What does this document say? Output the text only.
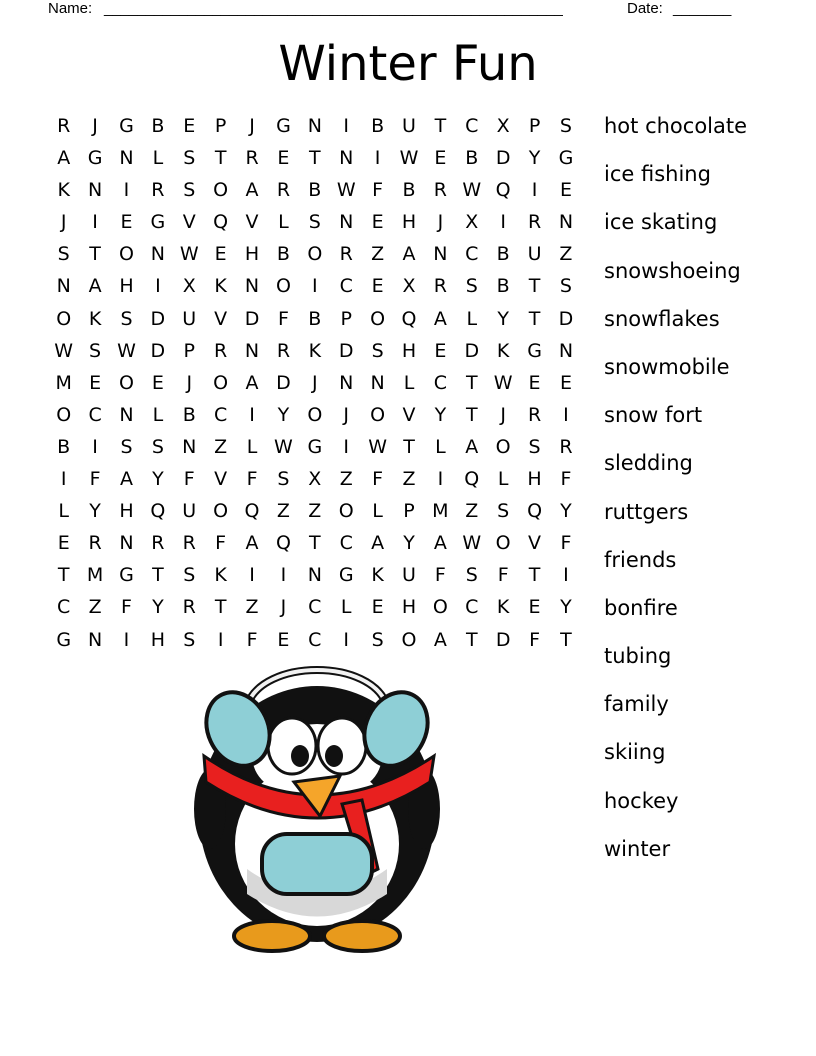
Name: _______________________________________________________	Date: _______
Winter Fun
R	J	G B E	P	J	G N	I	B U T C X	P	S
A G N L	S	T R E	T N	I	W E B D Y G
K N	I	R S O A R B W F	B R W Q	I	E
J	I	E G V Q V	L	S N E H	J	X	I	R N
S	T O N W E H B O R Z A N C B U Z
N A H	I	X K N O	I	C E X R S B	T	S
O K	S D U V D F	B	P O Q A	L	Y	T D
W S W D P	R N R K D S H E D K G N
M E O E	J	O A D	J	N N L	C T W E	E
O C N L	B C	I	Y O	J	O V	Y	T	J	R	I
B	I	S	S N Z	L W G	I	W T	L	A O S R
I	F	A	Y	F	V	F	S X Z	F	Z	I	Q L H F
L	Y H Q U O Q Z Z O L	P M Z S Q Y
E R N R R	F	A Q T C A	Y	A W O V	F
T M G T	S	K	I	I	N G K U F	S	F	T	I
C Z	F	Y R T	Z	J	C	L	E H O C K	E	Y
G N	I	H S	I	F	E C	I	S O A	T D F	T
hot chocolate
ice fishing
ice skating
snowshoeing
snowflakes
snowmobile
snow fort
sledding
ruttgers
friends
bonfire
tubing
family
skiing
hockey
winter
